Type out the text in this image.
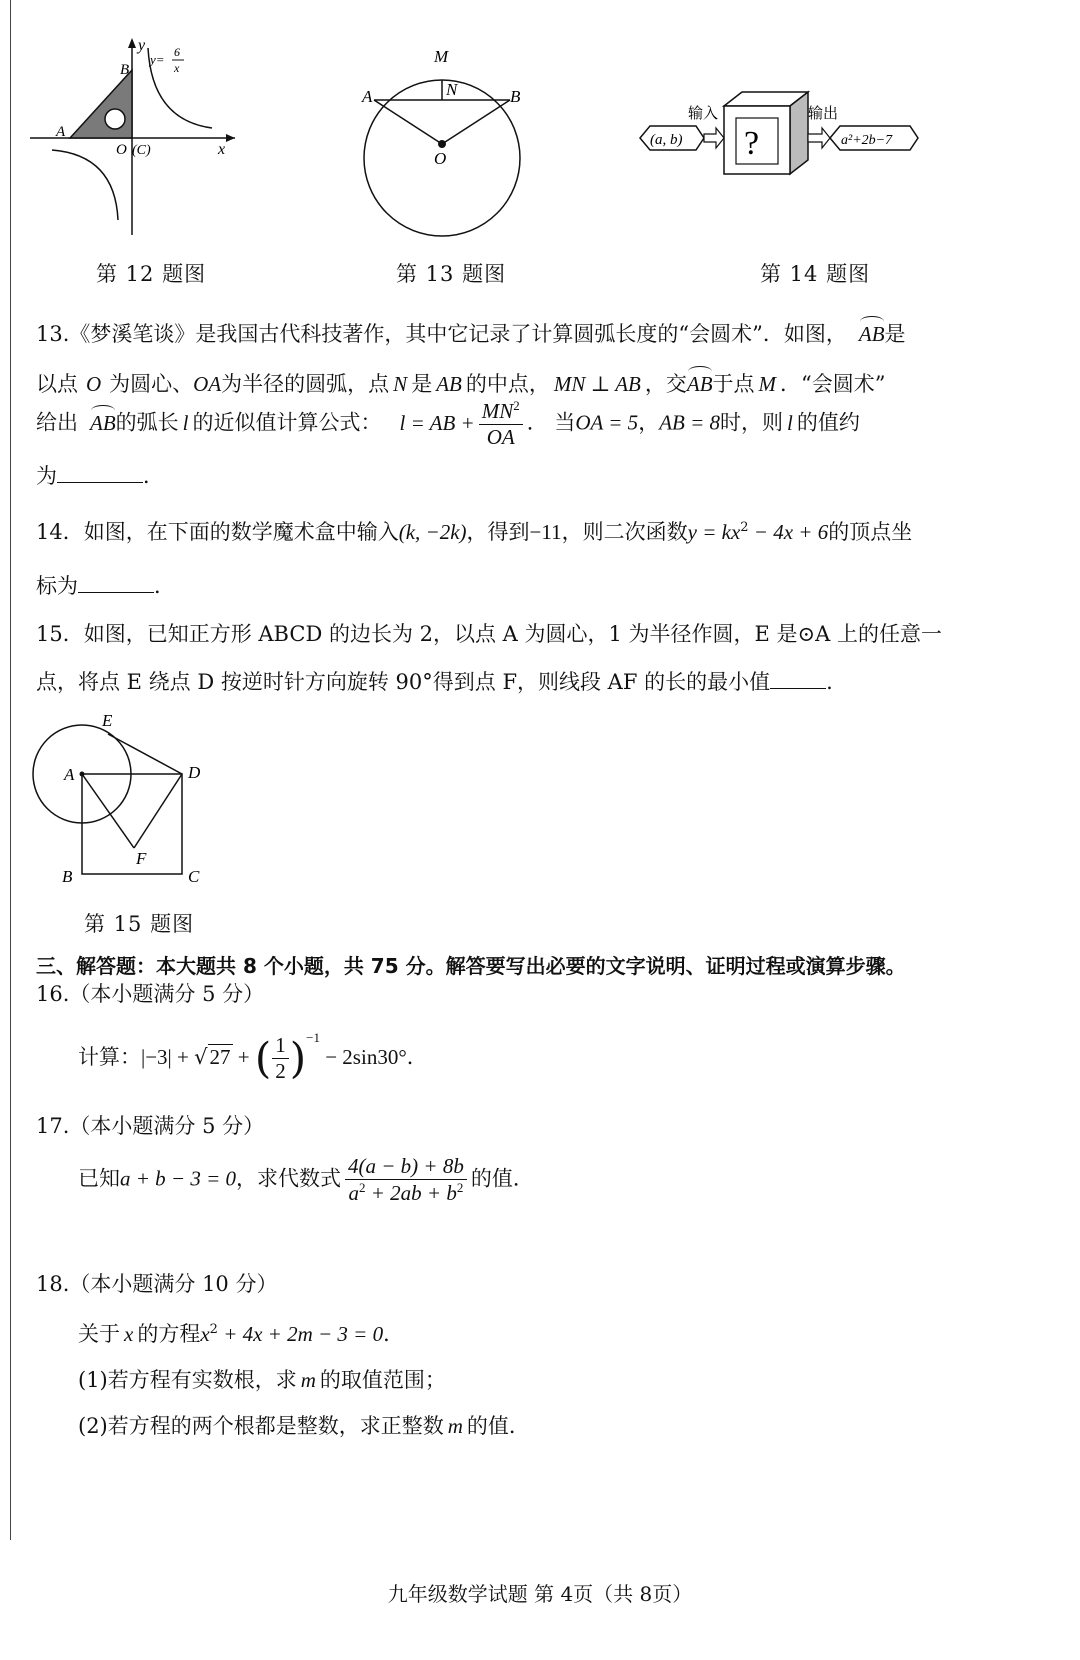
y
x
B
A
O (C)
y= 6
x
第 12 题图
M
N
A	B
O
第 13 题图
(a, b) ?
输入	输出
a²+2b−7
第 14 题图
13.《梦溪笔谈》是我国古代科技著作，其中它记录了计算圆弧长度的“会圆术”．如图， AB是
以点 O 为圆心、OA为半径的圆弧，点 N 是 AB 的中点， MN ⊥ AB ，交AB于点 M ．“会圆术”
给出 AB的弧长 l 的近似值计算公式： l = AB + $\frac{MN^2}{OA}$ ． 当OA = 5，AB = 8时，则 l 的值约
为	．
14．如图，在下面的数学魔术盒中输入(k, −2k)，得到−11，则二次函数$y = kx^2 - 4x + 6$的顶点坐
标为	．
15．如图，已知正方形 ABCD 的边长为 2，以点 A 为圆心，1 为半径作圆，E 是⊙A 上的任意一
点，将点 E 绕点 D 按逆时针方向旋转 90°得到点 F，则线段 AF 的长的最小值	.
E
A	D
B	C
F
第 15 题图
三、解答题：本大题共 8 个小题，共 75 分。解答要写出必要的文字说明、证明过程或演算步骤。
16.（本小题满分 5 分）
计算：|−3| + √27 + ( $\frac{1}{2} )^{-1} - 2\sin 30^\circ$．
17.（本小题满分 5 分）
已知a + b − 3 = 0，求代数式 $\frac{4(a - b) + 8b}{a^2 + 2ab + b^2}$ 的值．
18.（本小题满分 10 分）
关于 x 的方程$x^2 + 4x + 2m - 3 = 0$．
(1)若方程有实数根，求 m 的取值范围；
(2)若方程的两个根都是整数，求正整数 m 的值．
九年级数学试题 第 4页（共 8页）
